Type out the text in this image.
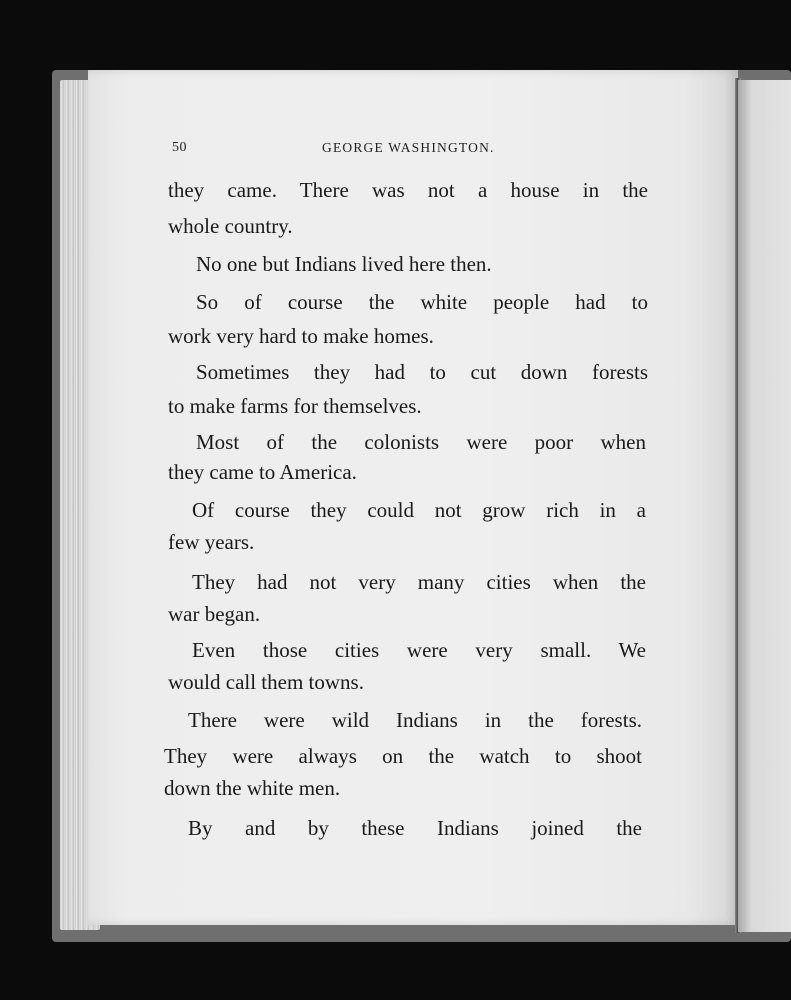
50	GEORGE WASHINGTON.
they came. There was not a house in the
whole country.
No one but Indians lived here then.
So of course the white people had to
work very hard to make homes.
Sometimes they had to cut down forests
to make farms for themselves.
Most of the colonists were poor when
they came to America.
Of course they could not grow rich in a
few years.
They had not very many cities when the
war began.
Even those cities were very small. We
would call them towns.
There were wild Indians in the forests.
They were always on the watch to shoot
down the white men.
By and by these Indians joined the
